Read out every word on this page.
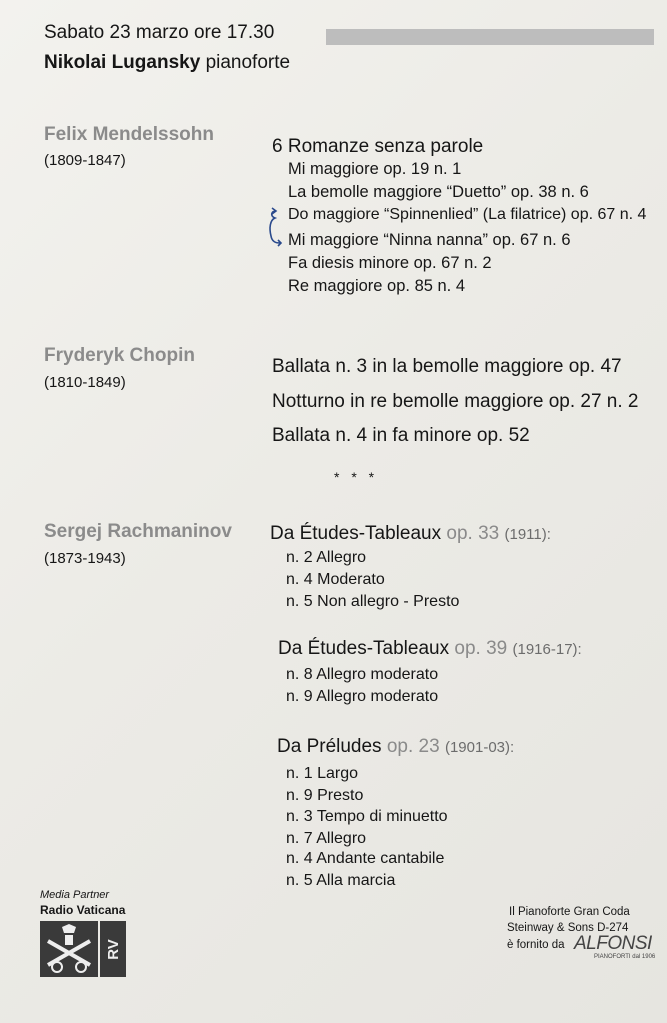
Sabato 23 marzo ore 17.30
Nikolai Lugansky pianoforte
Felix Mendelssohn
(1809-1847)
6 Romanze senza parole
Mi maggiore op. 19 n. 1
La bemolle maggiore “Duetto” op. 38 n. 6
Do maggiore “Spinnenlied” (La filatrice) op. 67 n. 4
Mi maggiore “Ninna nanna” op. 67 n. 6
Fa diesis minore op. 67 n. 2
Re maggiore op. 85 n. 4
Fryderyk Chopin
(1810-1849)
Ballata n. 3 in la bemolle maggiore op. 47
Notturno in re bemolle maggiore op. 27 n. 2
Ballata n. 4 in fa minore op. 52
* * *
Sergej Rachmaninov
(1873-1943)
Da Études-Tableaux op. 33 (1911):
n. 2 Allegro
n. 4 Moderato
n. 5 Non allegro - Presto
Da Études-Tableaux op. 39 (1916-17):
n. 8 Allegro moderato
n. 9 Allegro moderato
Da Préludes op. 23 (1901-03):
n. 1 Largo
n. 9 Presto
n. 3 Tempo di minuetto
n. 7 Allegro
n. 4 Andante cantabile
n. 5 Alla marcia
Media Partner
Radio Vaticana
RV
Il Pianoforte Gran Coda
Steinway & Sons D-274
è fornito da ALFONSI
PIANOFORTI dal 1906
